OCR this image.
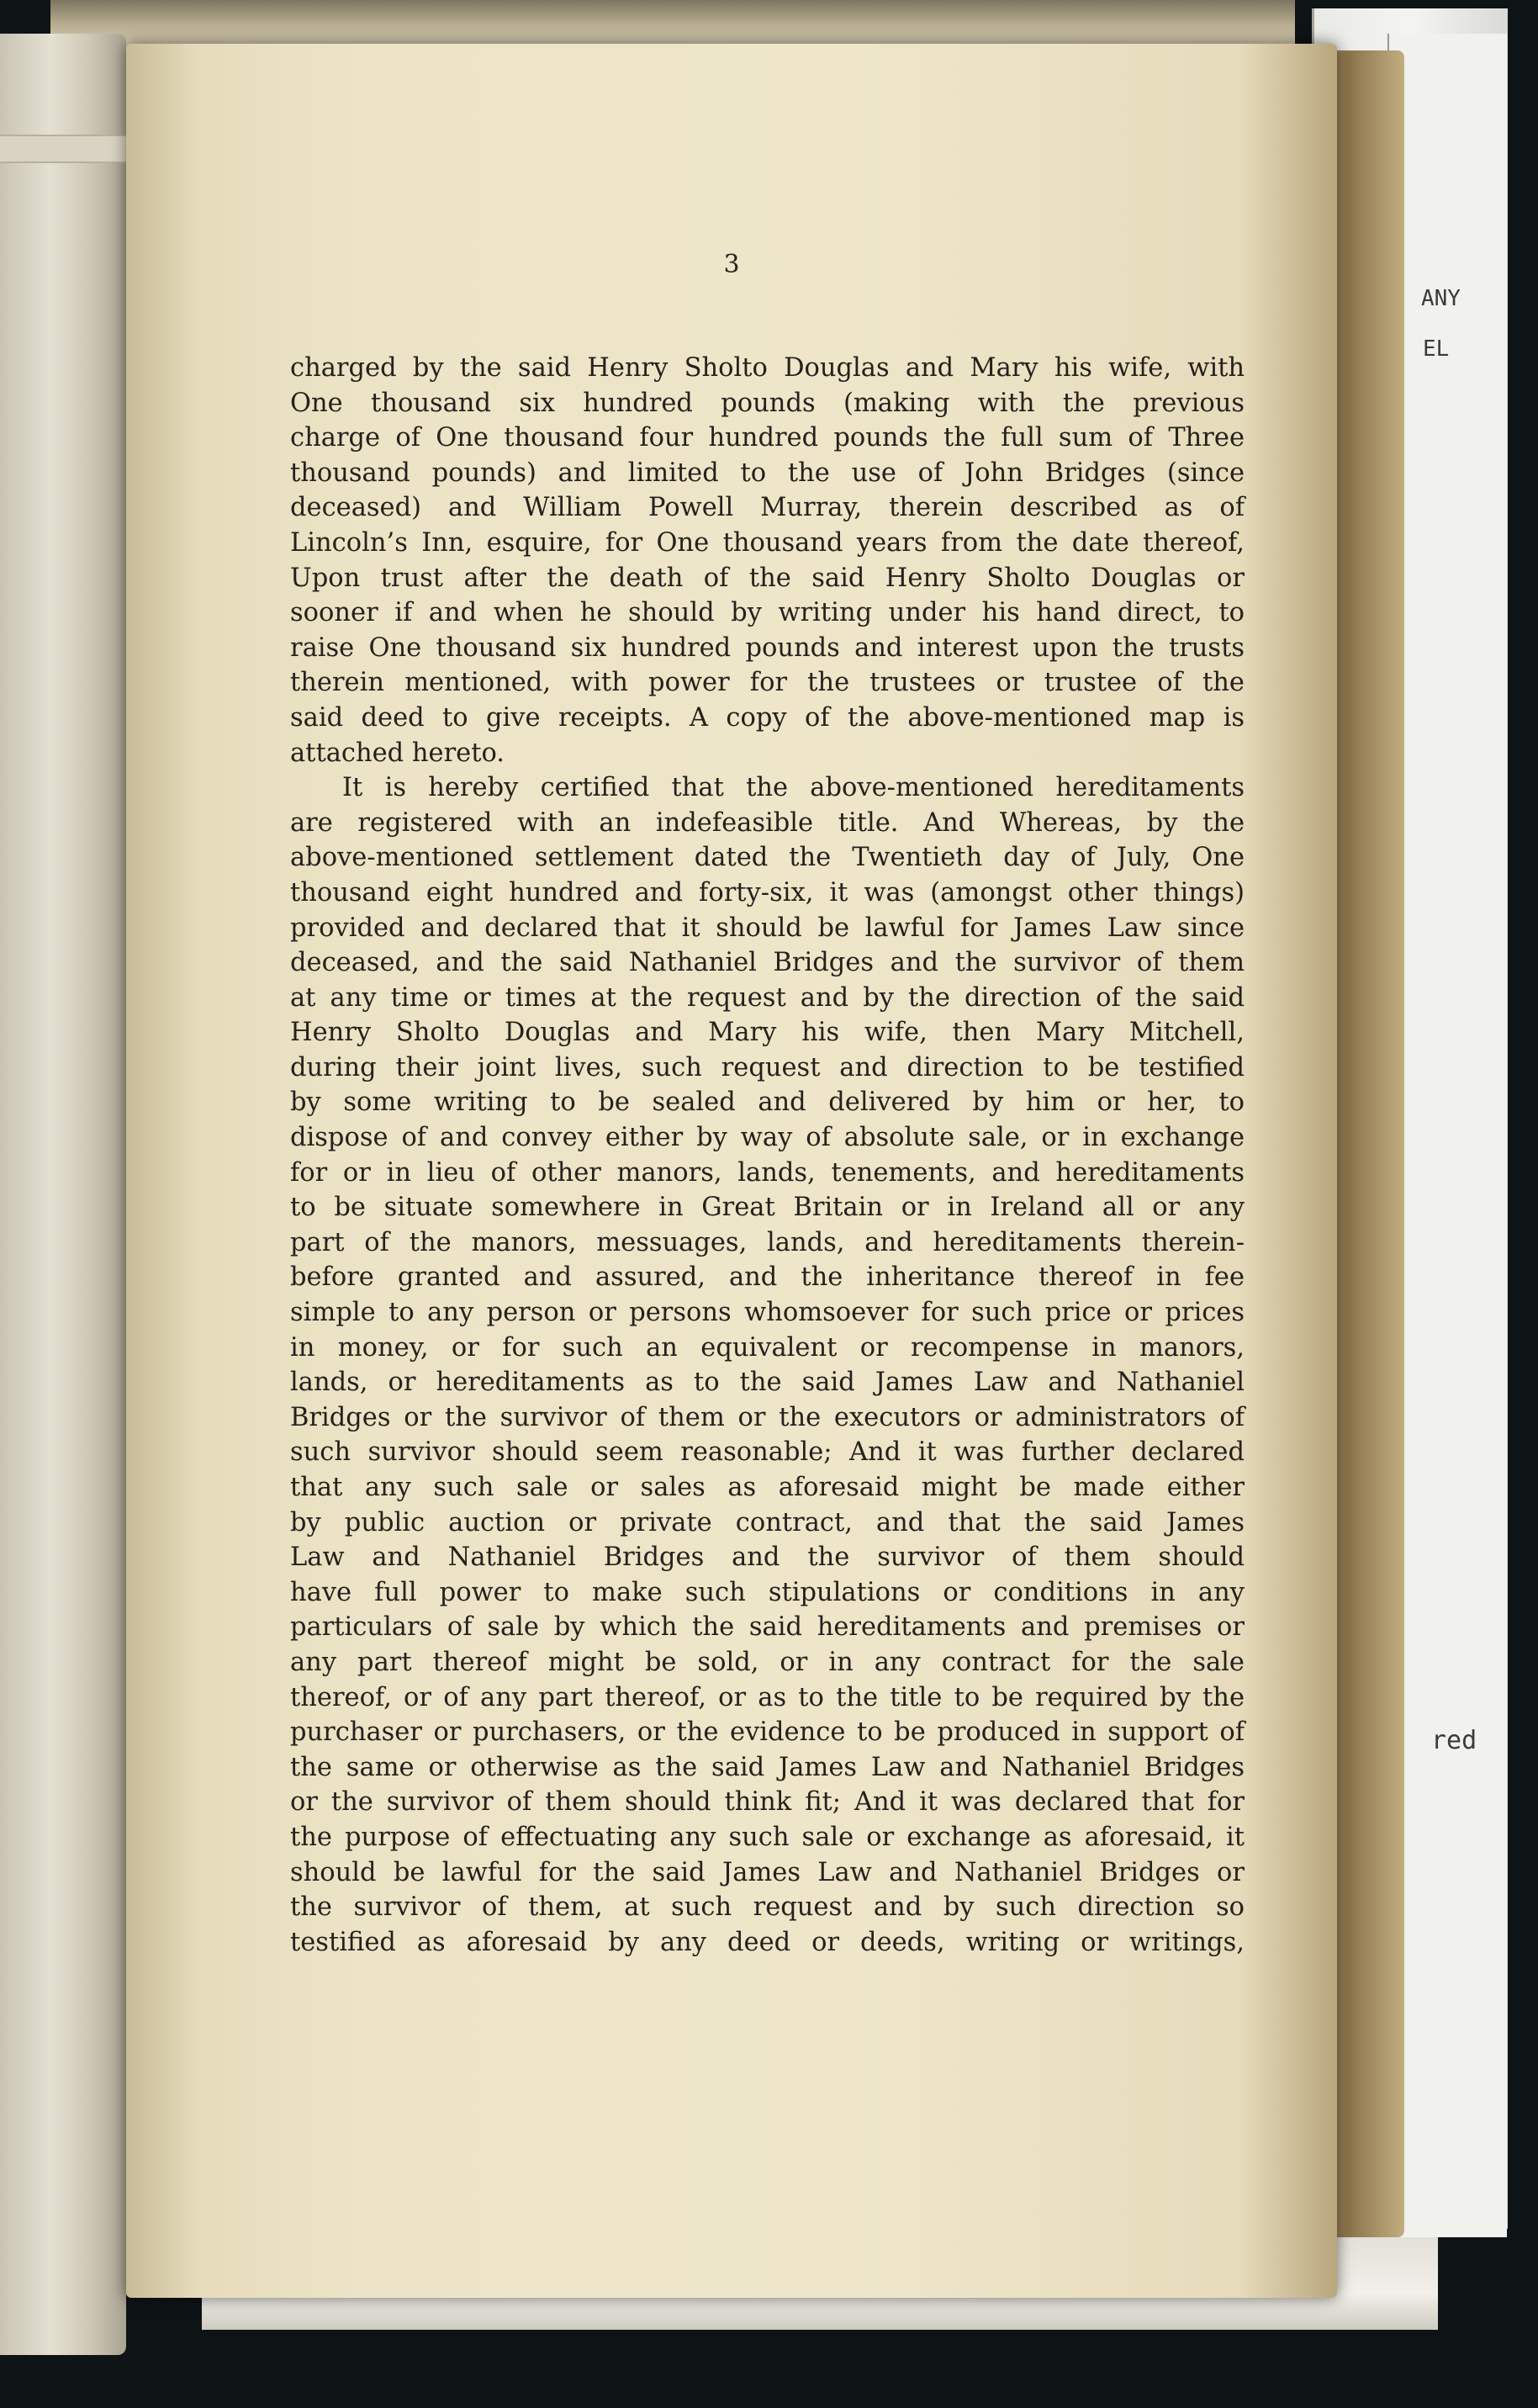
ANY
EL
red
3
charged by the said Henry Sholto Douglas and Mary his wife, with
One thousand six hundred pounds (making with the previous
charge of One thousand four hundred pounds the full sum of Three
thousand pounds) and limited to the use of John Bridges (since
deceased) and William Powell Murray, therein described as of
Lincoln’s Inn, esquire, for One thousand years from the date thereof,
Upon trust after the death of the said Henry Sholto Douglas or
sooner if and when he should by writing under his hand direct, to
raise One thousand six hundred pounds and interest upon the trusts
therein mentioned, with power for the trustees or trustee of the
said deed to give receipts. A copy of the above-mentioned map is
attached hereto.
It is hereby certified that the above-mentioned hereditaments
are registered with an indefeasible title. And Whereas, by the
above-mentioned settlement dated the Twentieth day of July, One
thousand eight hundred and forty-six, it was (amongst other things)
provided and declared that it should be lawful for James Law since
deceased, and the said Nathaniel Bridges and the survivor of them
at any time or times at the request and by the direction of the said
Henry Sholto Douglas and Mary his wife, then Mary Mitchell,
during their joint lives, such request and direction to be testified
by some writing to be sealed and delivered by him or her, to
dispose of and convey either by way of absolute sale, or in exchange
for or in lieu of other manors, lands, tenements, and hereditaments
to be situate somewhere in Great Britain or in Ireland all or any
part of the manors, messuages, lands, and hereditaments therein-
before granted and assured, and the inheritance thereof in fee
simple to any person or persons whomsoever for such price or prices
in money, or for such an equivalent or recompense in manors,
lands, or hereditaments as to the said James Law and Nathaniel
Bridges or the survivor of them or the executors or administrators of
such survivor should seem reasonable; And it was further declared
that any such sale or sales as aforesaid might be made either
by public auction or private contract, and that the said James
Law and Nathaniel Bridges and the survivor of them should
have full power to make such stipulations or conditions in any
particulars of sale by which the said hereditaments and premises or
any part thereof might be sold, or in any contract for the sale
thereof, or of any part thereof, or as to the title to be required by the
purchaser or purchasers, or the evidence to be produced in support of
the same or otherwise as the said James Law and Nathaniel Bridges
or the survivor of them should think fit; And it was declared that for
the purpose of effectuating any such sale or exchange as aforesaid, it
should be lawful for the said James Law and Nathaniel Bridges or
the survivor of them, at such request and by such direction so
testified as aforesaid by any deed or deeds, writing or writings,
